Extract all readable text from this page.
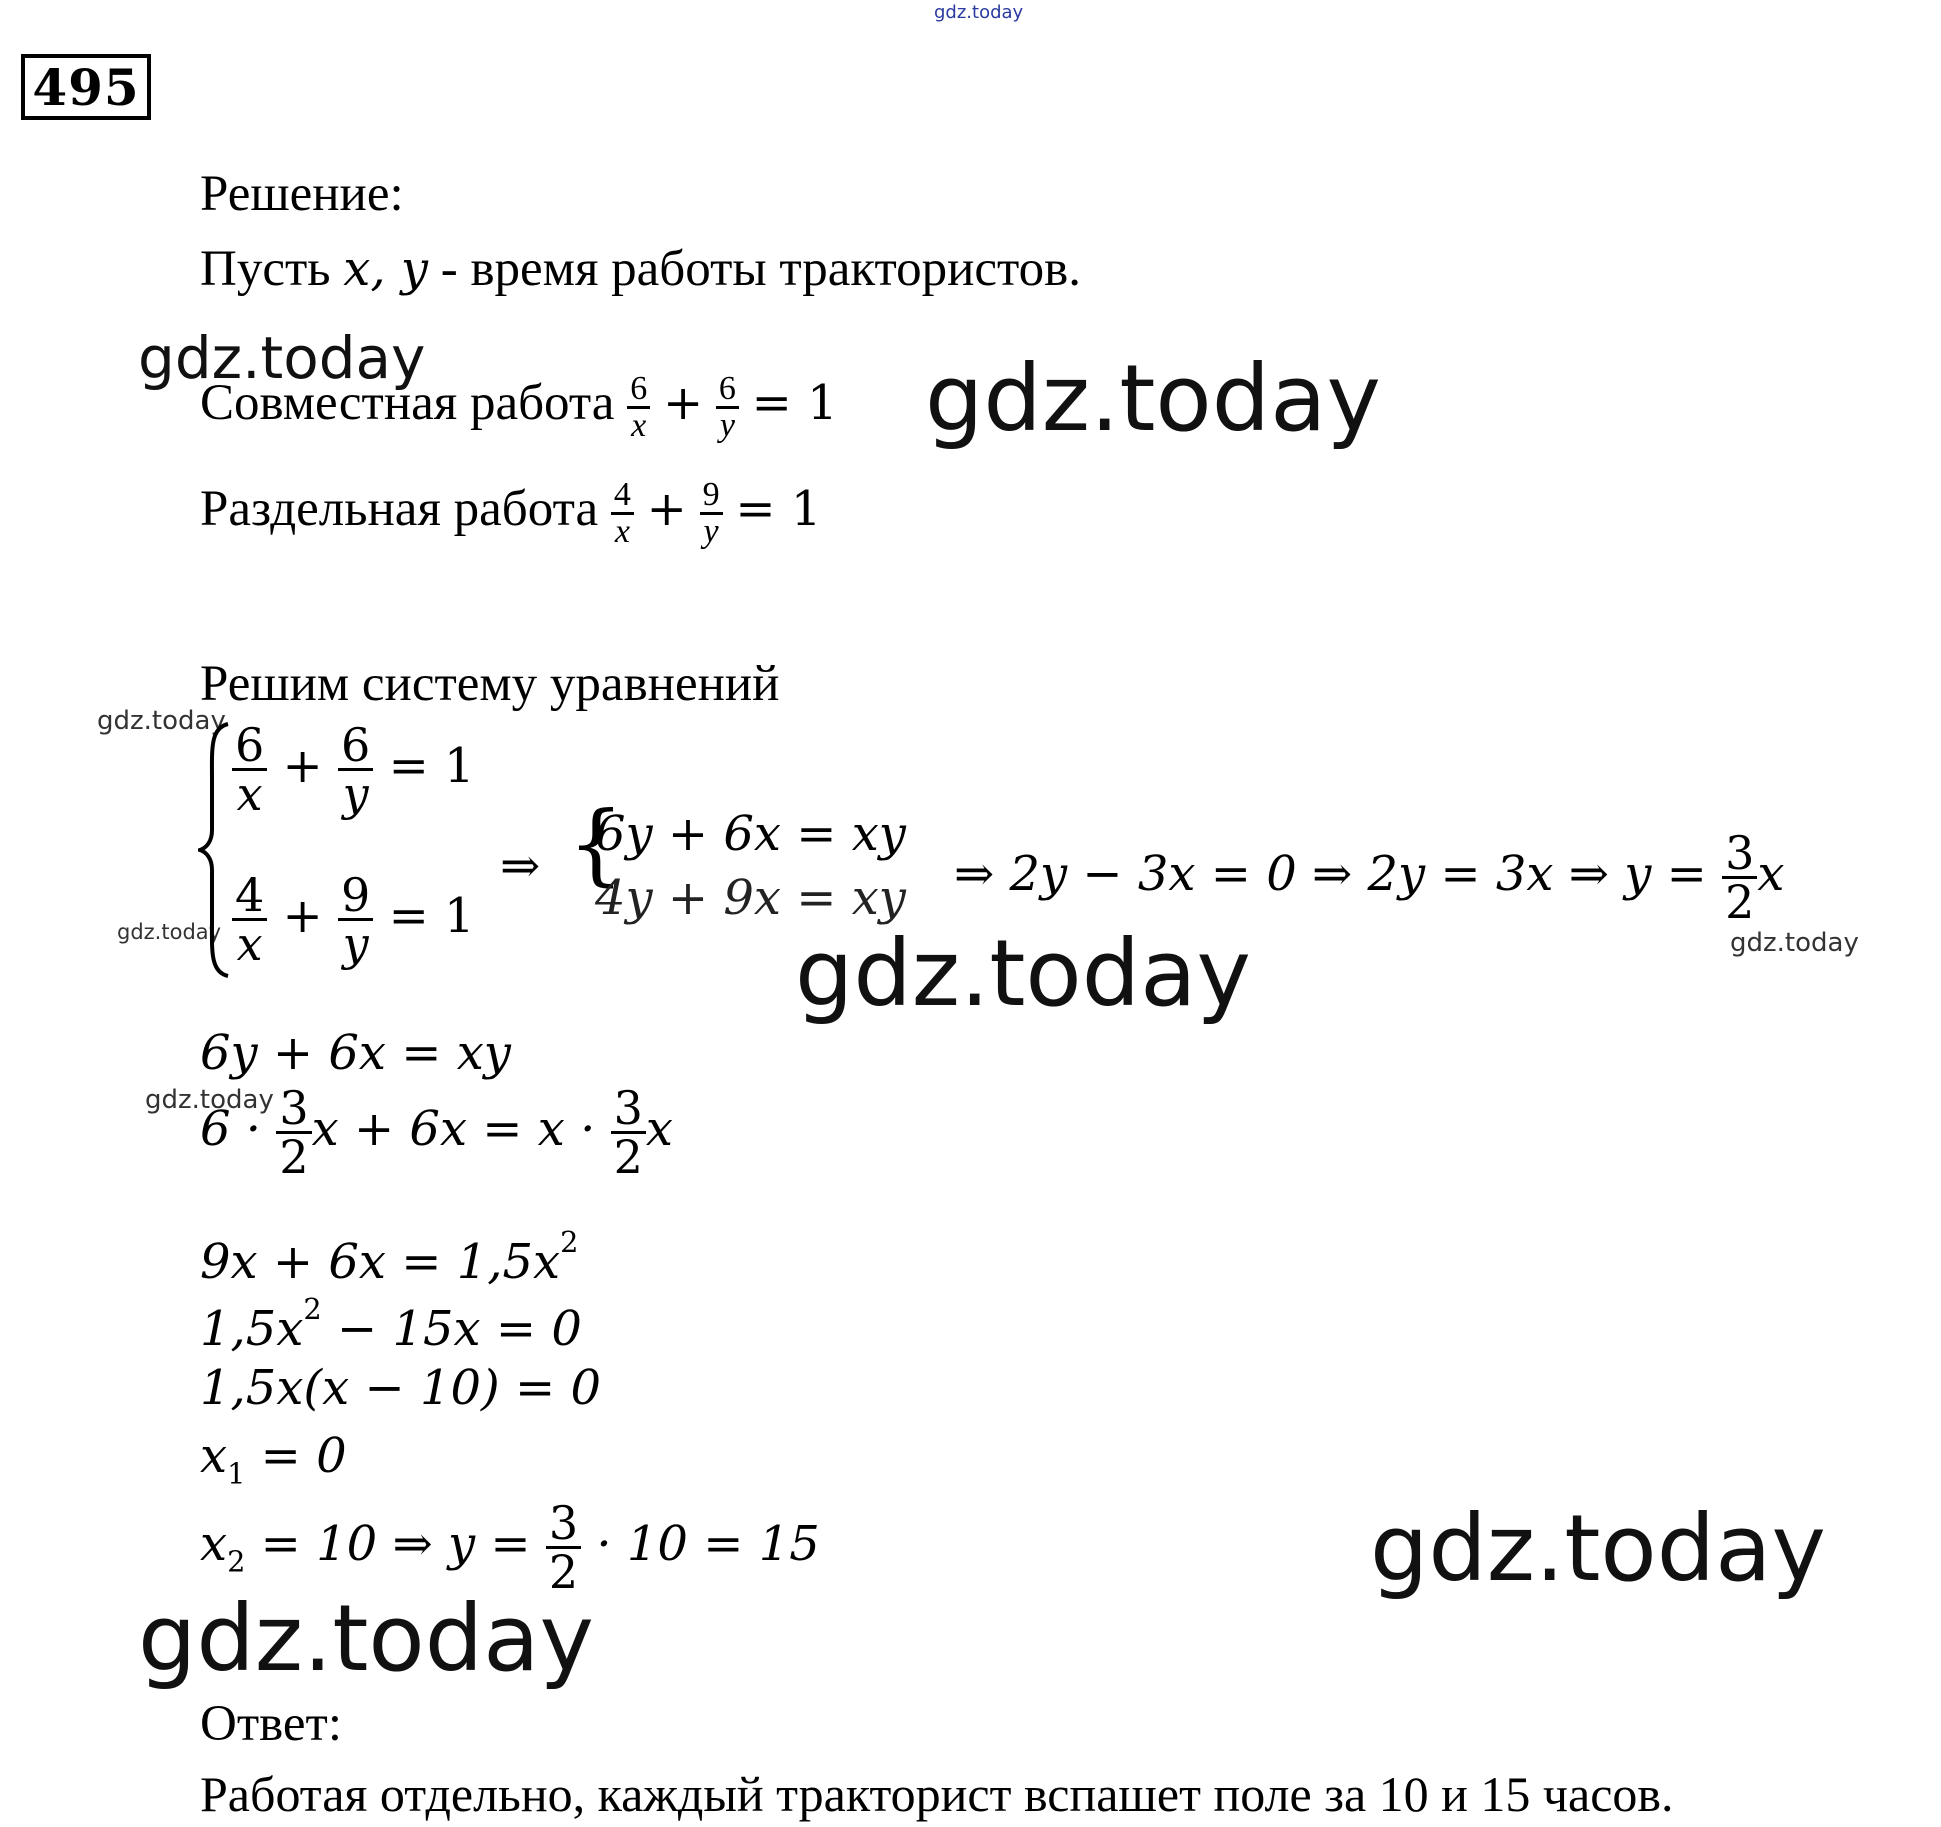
gdz.today
gdz.today	gdz.today
gdz.today
gdz.today	gdz.today	gdz.today
gdz.today
gdz.today
gdz.today
495
Решение:
Пусть x, y - время работы трактористов.
Совместная работа $\frac{6}{x} + \frac{6}{y} = 1$
Раздельная работа $\frac{4}{x} + \frac{9}{y} = 1$
Решим систему уравнений
$\frac{6}{x} + \frac{6}{y} = 1$
$\frac{4}{x} + \frac{9}{y} = 1$
⇒ {
6y + 6x = xy
4y + 9x = xy ⇒ 2y − 3x = 0 ⇒ 2y = 3x ⇒ $y = \frac{3}{2}$ x
6y + 6x = xy
$6 \cdot \frac{3}{2}$ $x + 6x = x \cdot \frac{3}{2}$ x
$9x + 6x = 1,5x^2$
$1,5x^2 - 15x = 0$
1,5x(x − 10) = 0
$x_1 = 0$
$x_2 = 10$ ⇒ $y = \frac{3}{2} \cdot 10 = 15$
Ответ:
Работая отдельно, каждый тракторист вспашет поле за 10 и 15 часов.
